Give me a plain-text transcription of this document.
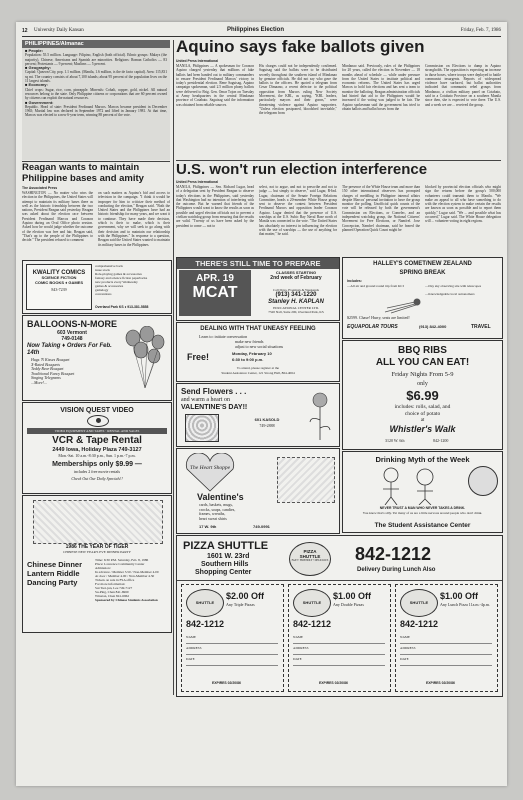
12 University Daily Kansan	Philippines Election	Friday, Feb. 7, 1986
PHILIPPINES/Almanac
■ People:
Population: 55.5 million. Language: Filipino, English (both official). Ethnic groups: Malays (the majority), Chinese, Americans and Spanish are minorities. Religions: Roman Catholics — 83 percent; Protestants — 9 percent; Muslims — 5 percent.
■ Geography:
Capital: Quezon City, pop. 1.1 million. (Manila, 1.6 million, is the de facto capital). Area: 115,831 sq mi. The country consists of about 7,100 islands; about 95 percent of the population lives on the 11 largest islands.
■ Economy:
Chief crops: Sugar, rice, corn, pineapple. Minerals: Cobalt, copper, gold, nickel. All natural resources belong to the state. Only Philippine citizens or corporations that are 60 percent owned by citizens can exploit the natural resources.
■ Government:
Republic. Head of state: President Ferdinand Marcos. Marcos became president in December 1965; Martial law was declared in September 1972 and lifted in January 1981. At that time, Marcos was elected to a new 6-year term, winning 88 percent of the vote.
Aquino says fake ballots given
United Press International
MANILA, Philippines — A spokesman for Corazon Aquino charged yesterday that millions of fake ballots had been handed out to military commanders to ensure President Ferdinand Marcos' victory in today's presidential election. Rene Saguisag, Aquino campaign spokesman, said 2.5 million phony ballots were delivered to Brig. Gen. Omar Tojon on Tuesday at Army headquarters in the central Mindanao province of Cotabato. Saguisag said the information was obtained from reliable sources.
His charges could not be independently confirmed. Saguisag said the ballots were to be distributed secretly throughout the southern island of Mindanao by genuine officials. He did not say who gave the ballots to the officers. He quoted a telegram from Cesar Dimaano, a recent defector to the political opposition from Marcos ruling New Society Movement, the KBL, as saying, "KBL leaders, particularly mayors and their goons," were threatening violence against Aquino supporters. "Unless election postponed, bloodshed inevitable," the telegram from
Mindanao said. Previously, rules of the Philippines for 20 years, called the election in November — 18 months ahead of schedule — while under pressure from the United States to institute political and economic reforms. The United States has urged Marcos to hold fair elections and has sent a team to monitor the balloting. Reagan administration officials had hinted that aid to the Philippines would be increased if the voting was judged to be fair. The Aquino spokesman said the government has tried to obtain ballots and ballot boxes from the
Commission on Elections to dump in Aquino strongholds. The opposition is expecting an increase in those boxes, where troops were deployed to battle communist insurgents. Reports of widespread violence have surfaced, but ballot authorities indicated that communist rebel groups from Mindanao, a civilian military panel on Cotabato, said in a Cotabato Province on a southern Manila since then, she is expected to vote there. The U.S. and a week we are ... received the group.
U.S. won't run election interference
United Press International
MANILA, Philippines — Sen. Richard Lugar, head of a delegation sent by President Reagan to observe today's elections in the Philippines, said yesterday that Washington had no intention of interfering with the outcome. But he warned that friends of the Philippines would want to know the results as soon as possible and urged election officials not to prevent a civilian watchdog group from ensuring that the results are valid. "Twenty of us have been asked by the president to come — not to
select, not to argue, and not to prescribe and not to judge — but simply to observe," said Lugar, R-Ind. Lugar, chairman of the Senate Foreign Relations Committee, heads a 20-member White House group sent to observe the contest between President Ferdinand Marcos and opposition leader Corazon Aquino. Lugar denied that the presence of U.S. warships at the U.S. Subic Bay Naval Base north of Manila was connected to the vote. "The United States has absolutely no interest in influencing the election with the use of warships — the use of anything for that matter," he said.
The presence of the White House team and more than 150 other international observers has prompted charges of meddling in Philippine internal affairs despite Marcos' personal invitation to have the group monitor the polling. Unofficial quick counts of the vote will be released by both the government's Commission on Elections, or Comelec, and an independent watchdog group, the National Citizens' Movement for Free Elections, or Namfrel. Jose Concepcion, Namfrel chairman, said he feared the planned Operation Quick Count might be
blocked by provincial election officials who might sign the returns before the group's 500,000 volunteers could transmit them to Manila. "We make an appeal to all who have something to do with the election system to make certain the results are known as soon as possible and to report them quickly," Lugar said. "We ... and possible what has occurred," Lugar said. The White House delegation will ... volunteer voting in eight regions.
Reagan wants to maintain Philippine bases and amity
The Associated Press
WASHINGTON — No matter who wins the election in the Philippines, the United States will attempt to maintain its military bases there as well as the historic friendship between the two nations, President Reagan said yesterday. Reagan was asked about the election race between President Ferdinand Marcos and Corazon Aquino during an Oval Office photo session. Asked how he would judge whether the outcome of the election was free and fair, Reagan said, "That's up to the people of the Philippines to decide." The president refused to comment
on such matters as Aquino's bid and access to television in the campaign. "I think it would be improper for him to criticize their method of conducting the election," Reagan said. "Both the United States and the Philippines have had an historic friendship for many years, and we want it to continue. They have made their decision, which is their to make, which is their government, why we will seek to go along with their decision and to maintain our relationship with the Philippines." In response to a question, Reagan said the United States wanted to maintain its military bases in the Philippines.
KWALITY COMICS
SCIENCE FICTION
COMIC BOOKS ♦ GAMES
843-7239
comprehensive back
issue stock
Role-playing games & accessories
fantasy and science fiction paperbacks
new products every Wednesday
games & accessories
gamelogy
conventions
Overland Park KS ♦ 913-381-5858
BALLOONS-N-MORE
603 Vermont
749-0148
Now Taking ♦ Orders For Feb. 14th
Hugs 'N Kisses Bouquet
X-Rated Bouquets
Teddy Bear Bouquet
Traditional Fancy Bouquet
Singing Telegrams
...More!...
VISION QUEST VIDEO
VIDEO EQUIPMENT AND TAPES · RENTAL AND SALES
VCR & Tape Rental
2449 Iowa, Holiday Plaza 749-3127
Mon.-Sat. 10 a.m.-8:30 p.m., Sun. 1 p.m.-7 p.m.
Memberships only $9.99 —
includes 2 free movie rentals
Check Out Our Daily Specials!!
1986 THE YEAR OF TIGER
CHINESE NEW YEAR'S EVE DINNER PARTY
Chinese Dinner
Lantern Riddle
Dancing Party
Time: 6:30 P.M. Saturday, Feb. 8, 1986
Place: Lawrence Community Center
Admission:
In advance / Member 3.50 / Non-Member 4.00
At door / Member 4.00 / Non-Member 4.50
Tickets on sale in FSA office
For more information:
Sui Tsoi-jun, Lee 749-7127
Su-Ping, Chen 841-6960
Winston, Chen 841-6962
Sponsored by Chinese Students Association
THERE'S STILL TIME TO PREPARE
APR. 19
MCAT
CLASSES STARTING
2nd week of February
Call Days, Evenings & Weekends
(913) 341-1220
Stanley H. KAPLAN
EDUCATIONAL CENTER LTD.
7520 Nall, Suite 200, Overland Park, KS
DEALING WITH THAT UNEASY FEELING
Learn to: initiate conversation
make new friends
adjust to new social situations
Free!	Monday, February 10
6:30 to 9:00 p.m.
To attend, please register at the
Student Assistance Center, 121 Strong Hall, 864-4064
Send Flowers . . .
and warm a heart on
VALENTINE'S DAY!!
601 KASOLD
749-2888
The Heart Shoppe
Valentine's
cards, baskets, mugs,
crocks, soaps, candies,
frames, wreaths,
heart sweat shirts
17 W. 9th	749-0991
HALLEY'S COMET/NEW ZEALAND
SPRING BREAK
Includes:
—All air and ground round trip from KCI	—Day sky observing site with telescopes
—Knowledgeable local astronomers
$2599. Chase! Hurry, seats are limited!
EQUAPOLAR TOURS	(913) 842-4000	TRAVEL
BBQ RIBS
ALL YOU CAN EAT!
Friday Nights From 5-9
only
$6.99
includes: rolls, salad, and
choice of potato
at
Whistler's Walk
3120 W. 6th	842-1200
Drinking Myth of the Week
NEVER TRUST A MAN WHO NEVER TAKES A DRINK.
You know that's silly. Yet many of us are a little nervous around people who don't drink.
The Student Assistance Center
PIZZA SHUTTLE
1601 W. 23rd
Southern Hills
Shopping Center
PIZZA
SHUTTLE
FAST • FRIENDLY • DELICIOUS 842-1212
Delivery During Lunch Also
SHUTTLE
$2.00 Off
Any Triple Pizzas
842-1212
NAME
ADDRESS
DATE
EXPIRES 02/20/86
SHUTTLE
$1.00 Off
Any Double Pizzas
842-1212
NAME
ADDRESS
DATE
EXPIRES 02/20/86
SHUTTLE
$1.00 Off
Any Lunch Pizza 11a.m.-4p.m.
842-1212
NAME
ADDRESS
DATE
EXPIRES 02/20/86
